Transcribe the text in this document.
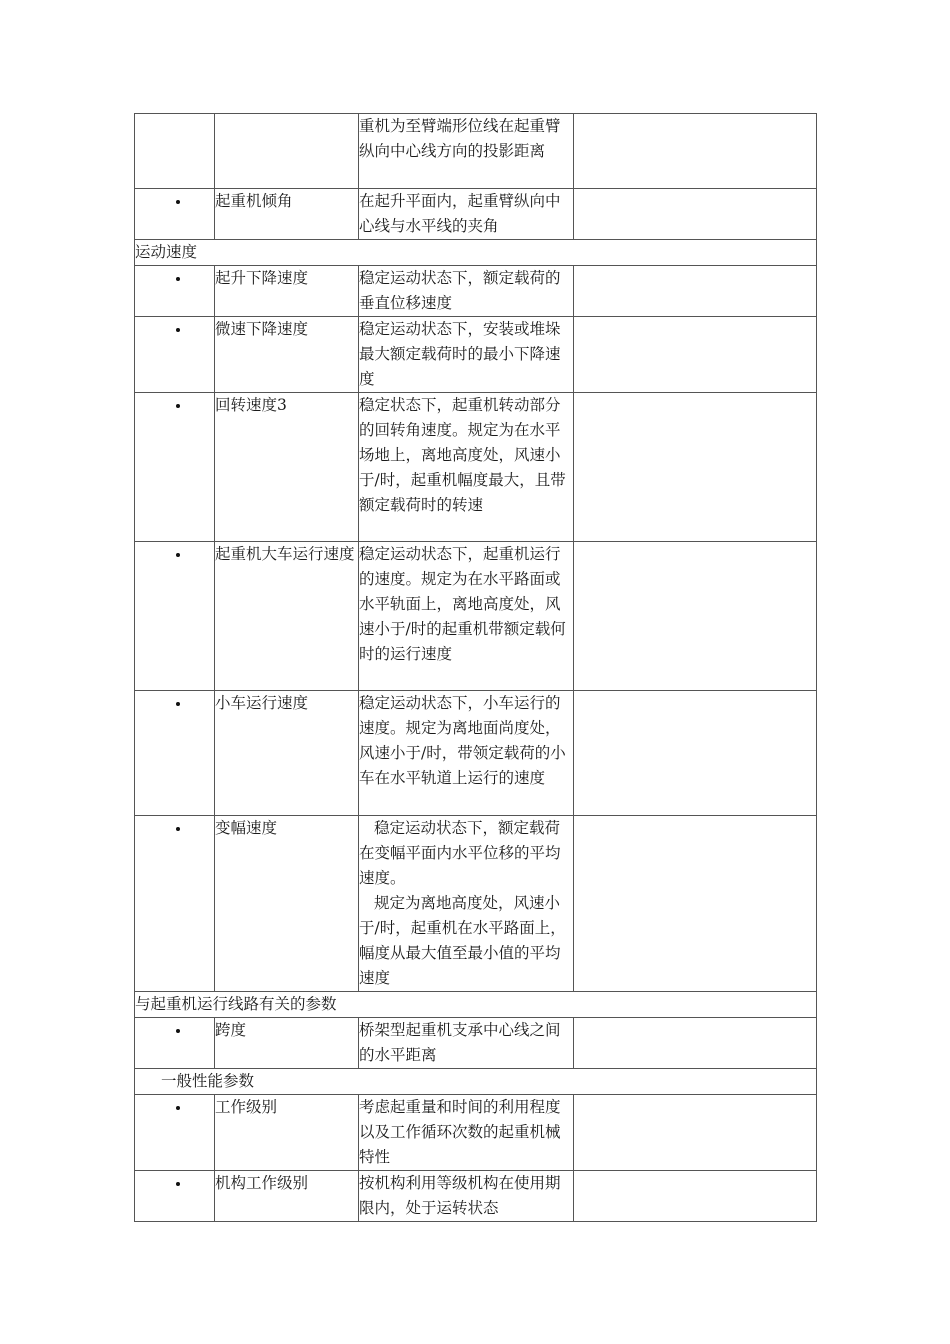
		重机为至臂端形位线在起重臂纵向中心线方向的投影距离	

	起重机倾角	在起升平面内，起重臂纵向中心线与水平线的夹角	

运动速度			
	起升下降速度	稳定运动状态下，额定载荷的垂直位移速度	

	微速下降速度	稳定运动状态下，安装或堆垛最大额定载荷时的最小下降速度	

	回转速度3	稳定状态下，起重机转动部分的回转角速度。规定为在水平场地上，离地高度处，风速小于/时，起重机幅度最大，且带额定载荷时的转速	

	起重机大车运行速度	稳定运动状态下，起重机运行的速度。规定为在水平路面或水平轨面上，离地高度处，风速小于/时的起重机带额定载何时的运行速度	

	小车运行速度	稳定运动状态下，小车运行的速度。规定为离地面尚度处，风速小于/时，带领定载荷的小车在水平轨道上运行的速度	

	变幅速度	稳定运动状态下，额定载荷在变幅平面内水平位移的平均速度。

规定为离地高度处，风速小于/时，起重机在水平路面上，幅度从最大值至最小值的平均速度	

与起重机运行线路有关的参数			
	跨度	桥架型起重机支承中心线之间的水平距离	

一般性能参数			
	工作级别	考虑起重量和时间的利用程度以及工作循环次数的起重机械特性	

	机构工作级别	按机构利用等级机构在使用期限内，处于运转状态	
